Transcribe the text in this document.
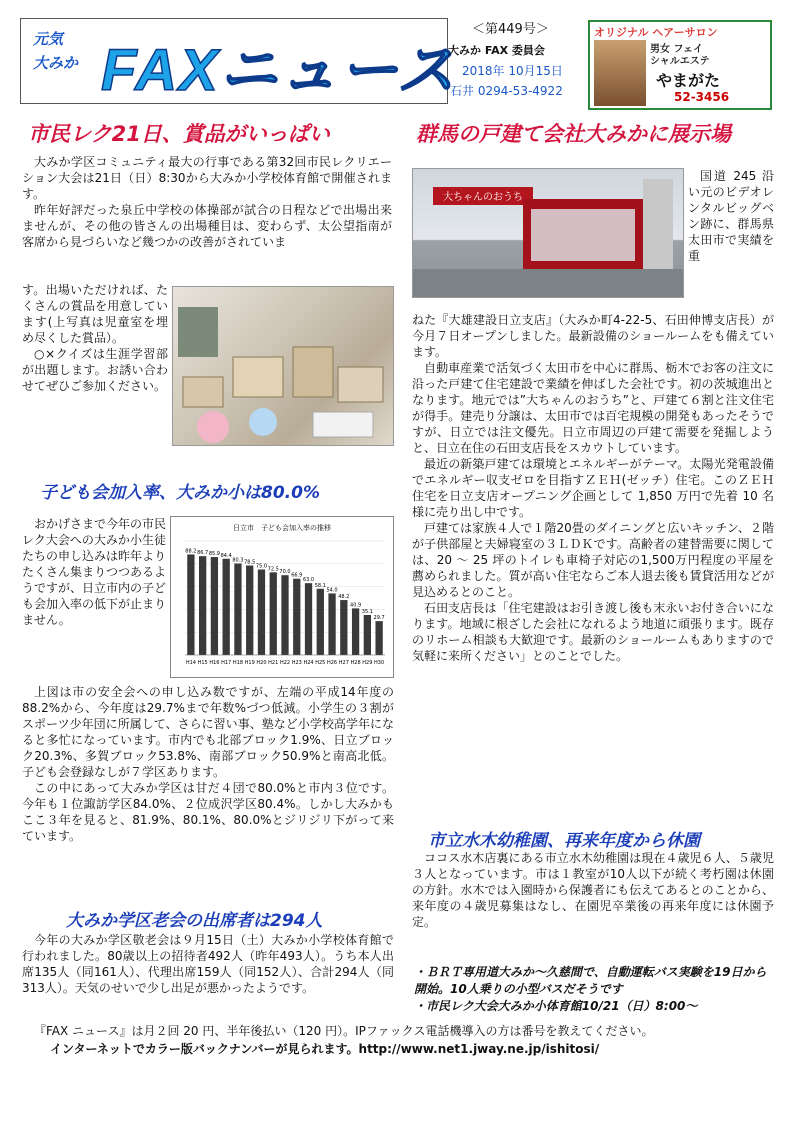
元気
大みか FAXニュース
＜第449号＞
大みか FAX 委員会
2018年 10月15日
石井 0294-53-4922
オリジナル ヘアーサロン
男女 フェイ
シャルエステ
やまがた
52-3456
市民レク21日、賞品がいっぱい	群馬の戸建て会社大みかに展示場

大みか学区コミュニティ最大の行事である第32回市民レクリエーション大会は21日（日）8:30から大みか小学校体育館で開催されます。

昨年好評だった泉丘中学校の体操部が試合の日程などで出場出来ませんが、その他の皆さんの出場種目は、変わらず、太公望指南が客席から見づらいなど幾つかの改善がされていま

す。出場いただければ、たくさんの賞品を用意しています(上写真は児童室を埋め尽くした賞品）。

○×クイズは生涯学習部が出題します。お誘い合わせてぜひご参加ください。

子ども会加入率、大みか小は80.0%

おかげさまで今年の市民レク大会への大みか小生徒たちの申し込みは昨年よりたくさん集まりつつあるようですが、日立市内の子ども会加入率の低下が止まりません。

日立市　子ども会加入率の推移
88.2
H14
86.7
H15
85.9
H16
84.4
H17
80.3
H18
78.5
H19
75.0
H20
72.5
H21
70.0
H22
66.9
H23
63.0
H24
58.1
H25
54.0
H26
48.2
H27
40.9
H28
35.1
H29
29.7
H30

上図は市の安全会への申し込み数ですが、左端の平成14年度の88.2%から、今年度は29.7%まで年数%づつ低減。小学生の３割がスポーツ少年団に所属して、さらに習い事、塾など小学校高学年になると多忙になっています。市内でも北部ブロック1.9%、日立ブロック20.3%、多賀ブロック53.8%、南部ブロック50.9%と南高北低。子ども会登録なしが７学区あります。

この中にあって大みか学区は甘だ４団で80.0%と市内３位です。今年も１位諏訪学区84.0%、２位成沢学区80.4%。しかし大みかもここ３年を見ると、81.9%、80.1%、80.0%とジリジリ下がって来ています。

大みか学区老会の出席者は294人

今年の大みか学区敬老会は９月15日（土）大みか小学校体育館で行われました。80歳以上の招待者492人（昨年493人）。うち本人出席135人（同161人）、代理出席159人（同152人）、合計294人（同313人）。天気のせいで少し出足が悪かったようです。

大ちゃんのおうち

国道 245 沿い元のビデオレンタルビッグベン跡に、群馬県太田市で実績を重

ねた『大雄建設日立支店』（大みか町4-22-5、石田伸博支店長）が今月７日オープンしました。最新設備のショールームをも備えています。

自動車産業で活気づく太田市を中心に群馬、栃木でお客の注文に沿った戸建て住宅建設で業績を伸ばした会社です。初の茨城進出となります。地元では”大ちゃんのおうち”と、戸建て６割と注文住宅が得手。建売り分譲は、太田市では百宅規模の開発もあったそうですが、日立では注文優先。日立市周辺の戸建て需要を発掘しようと、日立在住の石田支店長をスカウトしています。

最近の新築戸建ては環境とエネルギーがテーマ。太陽光発電設備でエネルギー収支ゼロを目指すＺＥＨ(ゼッチ）住宅。このＺＥＨ住宅を日立支店オープニング企画として 1,850 万円で先着 10 名様に売り出し中です。

戸建ては家族４人で１階20畳のダイニングと広いキッチン、２階が子供部屋と夫婦寝室の３ＬＤＫです。高齢者の建替需要に関しては、20 ～ 25 坪のトイレも車椅子対応の1,500万円程度の平屋を薦められました。質が高い住宅ならご本人退去後も賃貸活用などが見込めるとのこと。

石田支店長は「住宅建設はお引き渡し後も末永いお付き合いになります。地域に根ざした会社になれるよう地道に頑張ります。既存のリホーム相談も大歓迎です。最新のショールームもありますので気軽に来所ください」とのことでした。

市立水木幼稚園、再来年度から休園

ココス水木店裏にある市立水木幼稚園は現在４歳児６人、５歳児３人となっています。市は１教室が10人以下が続く考朽園は休園の方針。水木では入園時から保護者にも伝えてあるとのことから、来年度の４歳児募集はなし、在園児卒業後の再来年度には休園予定。

・ＢＲＴ専用道大みか～久慈間で、自動運転バス実験を19日から開始。10人乗りの小型バスだそうです
・市民レク大会大みか小体育館10/21（日）8:00～
『FAX ニュース』は月２回 20 円、半年後払い（120 円）。IPファックス電話機導入の方は番号を教えてください。
インターネットでカラー版バックナンバーが見られます。http://www.net1.jway.ne.jp/ishitosi/
